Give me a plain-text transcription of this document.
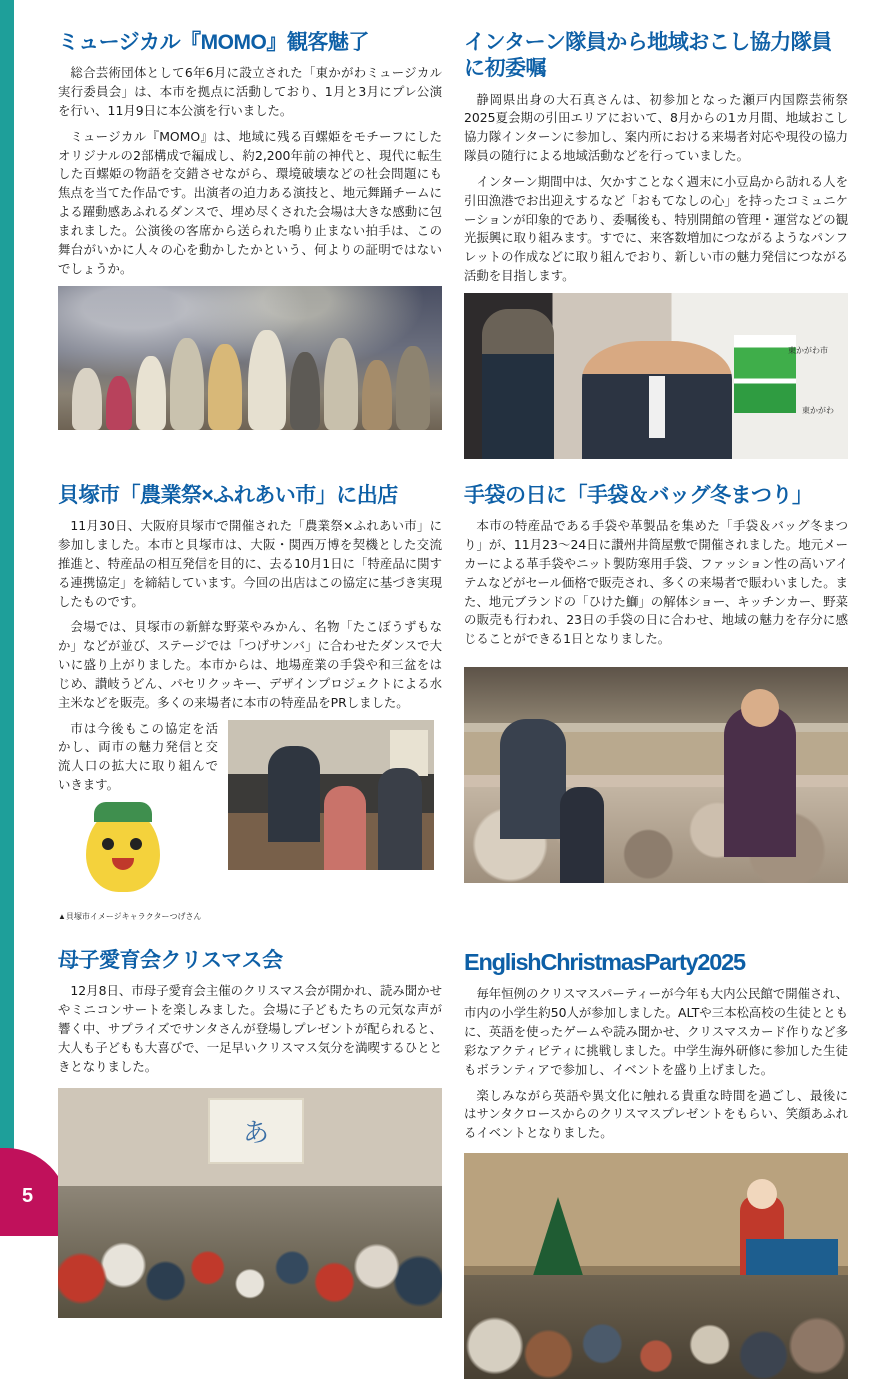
5
ミュージカル『MOMO』観客魅了

総合芸術団体として6年6月に設立された「東かがわミュージカル実行委員会」は、本市を拠点に活動しており、1月と3月にプレ公演を行い、11月9日に本公演を行いました。

ミュージカル『MOMO』は、地域に残る百螺姫をモチーフにしたオリジナルの2部構成で編成し、約2,200年前の神代と、現代に転生した百螺姫の物語を交錯させながら、環境破壊などの社会問題にも焦点を当てた作品です。出演者の迫力ある演技と、地元舞踊チームによる躍動感あふれるダンスで、埋め尽くされた会場は大きな感動に包まれました。公演後の客席から送られた鳴り止まない拍手は、この舞台がいかに人々の心を動かしたかという、何よりの証明ではないでしょうか。

インターン隊員から地域おこし協力隊員に初委嘱

静岡県出身の大石真さんは、初参加となった瀬戸内国際芸術祭2025夏会期の引田エリアにおいて、8月からの1カ月間、地域おこし協力隊インターンに参加し、案内所における来場者対応や現役の協力隊員の随行による地域活動などを行っていました。

インターン期間中は、欠かすことなく週末に小豆島から訪れる人を引田漁港でお出迎えするなど「おもてなしの心」を持ったコミュニケーションが印象的であり、委嘱後も、特別開館の管理・運営などの観光振興に取り組みます。すでに、来客数増加につながるようなパンフレットの作成などに取り組んでおり、新しい市の魅力発信につながる活動を目指します。

東かがわ市
東かがわ
貝塚市「農業祭×ふれあい市」に出店

11月30日、大阪府貝塚市で開催された「農業祭×ふれあい市」に参加しました。本市と貝塚市は、大阪・関西万博を契機とした交流推進と、特産品の相互発信を目的に、去る10月1日に「特産品に関する連携協定」を締結しています。今回の出店はこの協定に基づき実現したものです。

会場では、貝塚市の新鮮な野菜やみかん、名物「たこぼうずもなか」などが並び、ステージでは「つげサンバ」に合わせたダンスで大いに盛り上がりました。本市からは、地場産業の手袋や和三盆をはじめ、讃岐うどん、パセリクッキー、デザインプロジェクトによる水主米などを販売。多くの来場者に本市の特産品をPRしました。

市は今後もこの協定を活かし、両市の魅力発信と交流人口の拡大に取り組んでいきます。

▲貝塚市イメージキャラクターつげさん
手袋の日に「手袋＆バッグ冬まつり」

本市の特産品である手袋や革製品を集めた「手袋＆バッグ冬まつり」が、11月23～24日に讃州井筒屋敷で開催されました。地元メーカーによる革手袋やニット製防寒用手袋、ファッション性の高いアイテムなどがセール価格で販売され、多くの来場者で賑わいました。また、地元ブランドの「ひけた鰤」の解体ショー、キッチンカー、野菜の販売も行われ、23日の手袋の日に合わせ、地域の魅力を存分に感じることができる1日となりました。

母子愛育会クリスマス会

12月8日、市母子愛育会主催のクリスマス会が開かれ、読み聞かせやミニコンサートを楽しみました。会場に子どもたちの元気な声が響く中、サプライズでサンタさんが登場しプレゼントが配られると、大人も子どもも大喜びで、一足早いクリスマス気分を満喫するひとときとなりました。

あ
EnglishChristmasParty2025

毎年恒例のクリスマスパーティーが今年も大内公民館で開催され、市内の小学生約50人が参加しました。ALTや三本松高校の生徒とともに、英語を使ったゲームや読み聞かせ、クリスマスカード作りなど多彩なアクティビティに挑戦しました。中学生海外研修に参加した生徒もボランティアで参加し、イベントを盛り上げました。

楽しみながら英語や異文化に触れる貴重な時間を過ごし、最後にはサンタクロースからのクリスマスプレゼントをもらい、笑顔あふれるイベントとなりました。
